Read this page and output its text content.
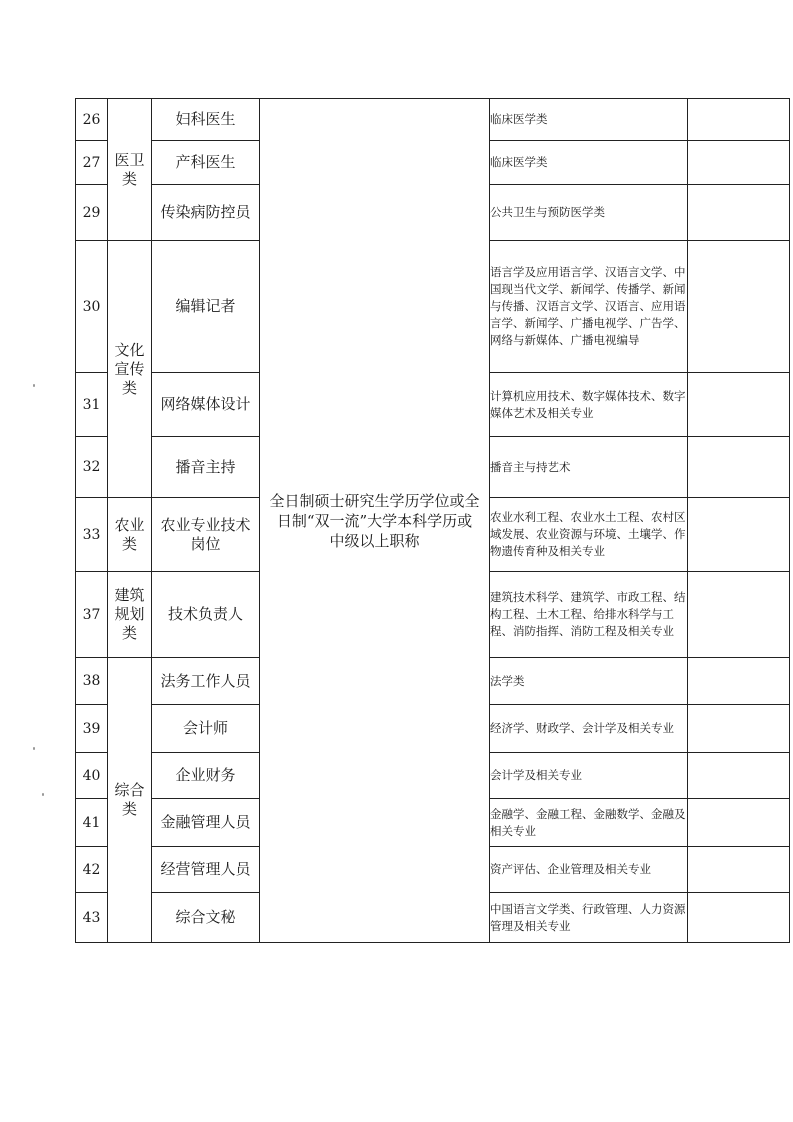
26	医卫类	妇科医生	全日制硕士研究生学历学位或全日制“双一流”大学本科学历或中级以上职称	临床医学类	
27		产科医生		临床医学类	
29		传染病防控员		公共卫生与预防医学类	
30	文化宣传类	编辑记者		语言学及应用语言学、汉语言文学、中国现当代文学、新闻学、传播学、新闻与传播、汉语言文学、汉语言、应用语言学、新闻学、广播电视学、广告学、网络与新媒体、广播电视编导	
31		网络媒体设计		计算机应用技术、数字媒体技术、数字媒体艺术及相关专业	
32		播音主持		播音主与持艺术	
33	农业类	农业专业技术岗位		农业水利工程、农业水土工程、农村区域发展、农业资源与环境、土壤学、作物遗传育种及相关专业	
37	建筑规划类	技术负责人		建筑技术科学、建筑学、市政工程、结构工程、土木工程、给排水科学与工程、消防指挥、消防工程及相关专业	
38	综合类	法务工作人员		法学类	
39		会计师		经济学、财政学、会计学及相关专业	
40		企业财务		会计学及相关专业	
41		金融管理人员		金融学、金融工程、金融数学、金融及相关专业	
42		经营管理人员		资产评估、企业管理及相关专业	
43		综合文秘		中国语言文学类、行政管理、人力资源管理及相关专业	
